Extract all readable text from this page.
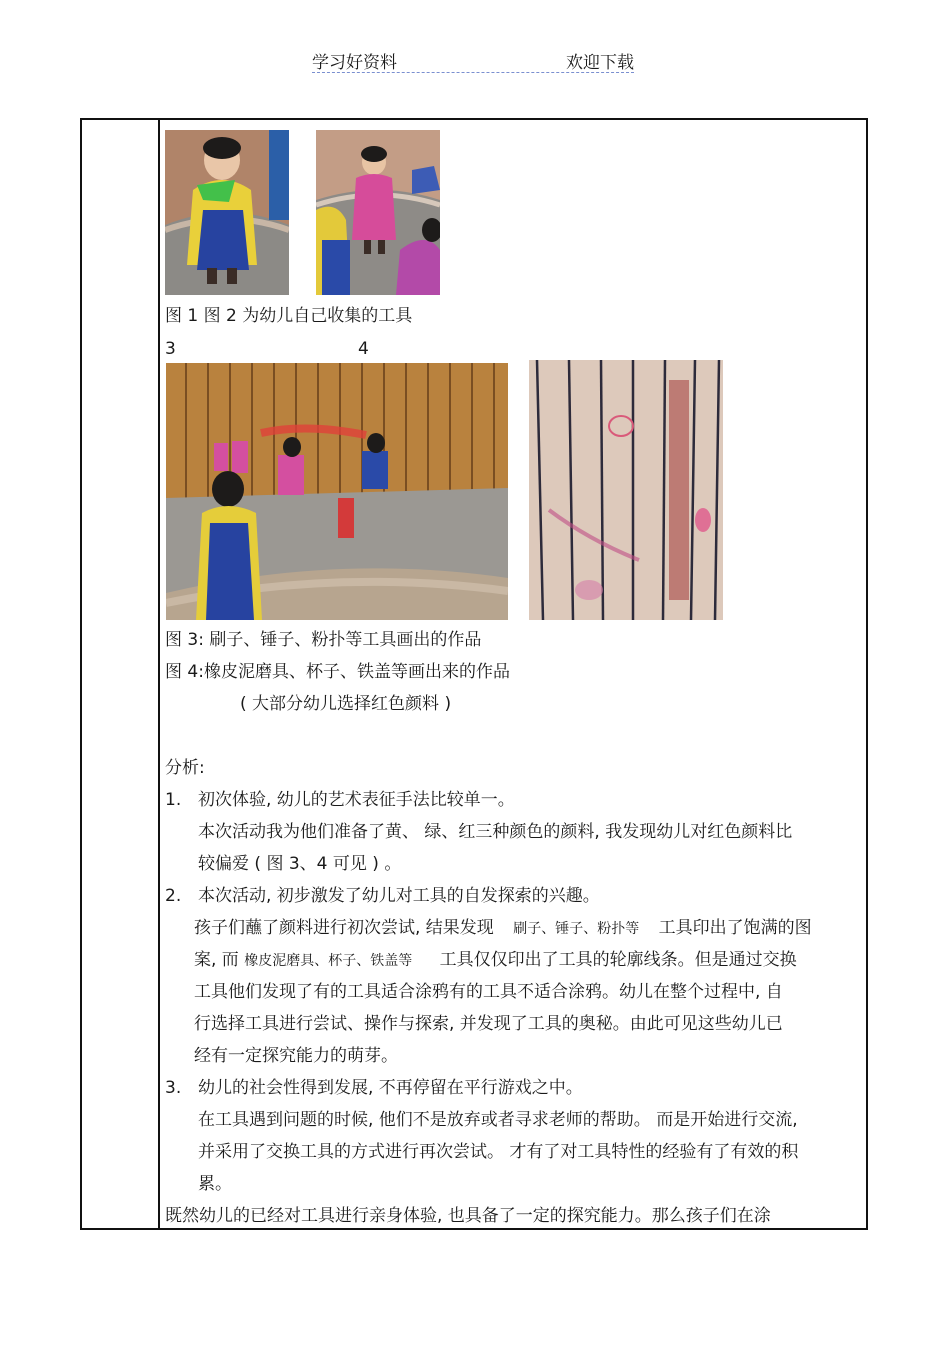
学习好资料	欢迎下载
图 1 图 2 为幼儿自己收集的工具
3	4
图 3: 刷子、锤子、粉扑等工具画出的作品
图 4:橡皮泥磨具、杯子、铁盖等画出来的作品
( 大部分幼儿选择红色颜料 )
分析:
1. 初次体验, 幼儿的艺术表征手法比较单一。
本次活动我为他们准备了黄、 绿、红三种颜色的颜料, 我发现幼儿对红色颜料比
较偏爱 ( 图 3、4 可见 ) 。
2. 本次活动, 初步激发了幼儿对工具的自发探索的兴趣。
孩子们蘸了颜料进行初次尝试, 结果发现 刷子、锤子、粉扑等 工具印出了饱满的图
案, 而 橡皮泥磨具、杯子、铁盖等 工具仅仅印出了工具的轮廓线条。但是通过交换
工具他们发现了有的工具适合涂鸦有的工具不适合涂鸦。幼儿在整个过程中, 自
行选择工具进行尝试、操作与探索, 并发现了工具的奥秘。由此可见这些幼儿已
经有一定探究能力的萌芽。
3. 幼儿的社会性得到发展, 不再停留在平行游戏之中。
在工具遇到问题的时候, 他们不是放弃或者寻求老师的帮助。 而是开始进行交流,
并采用了交换工具的方式进行再次尝试。 才有了对工具特性的经验有了有效的积
累。
既然幼儿的已经对工具进行亲身体验, 也具备了一定的探究能力。那么孩子们在涂
